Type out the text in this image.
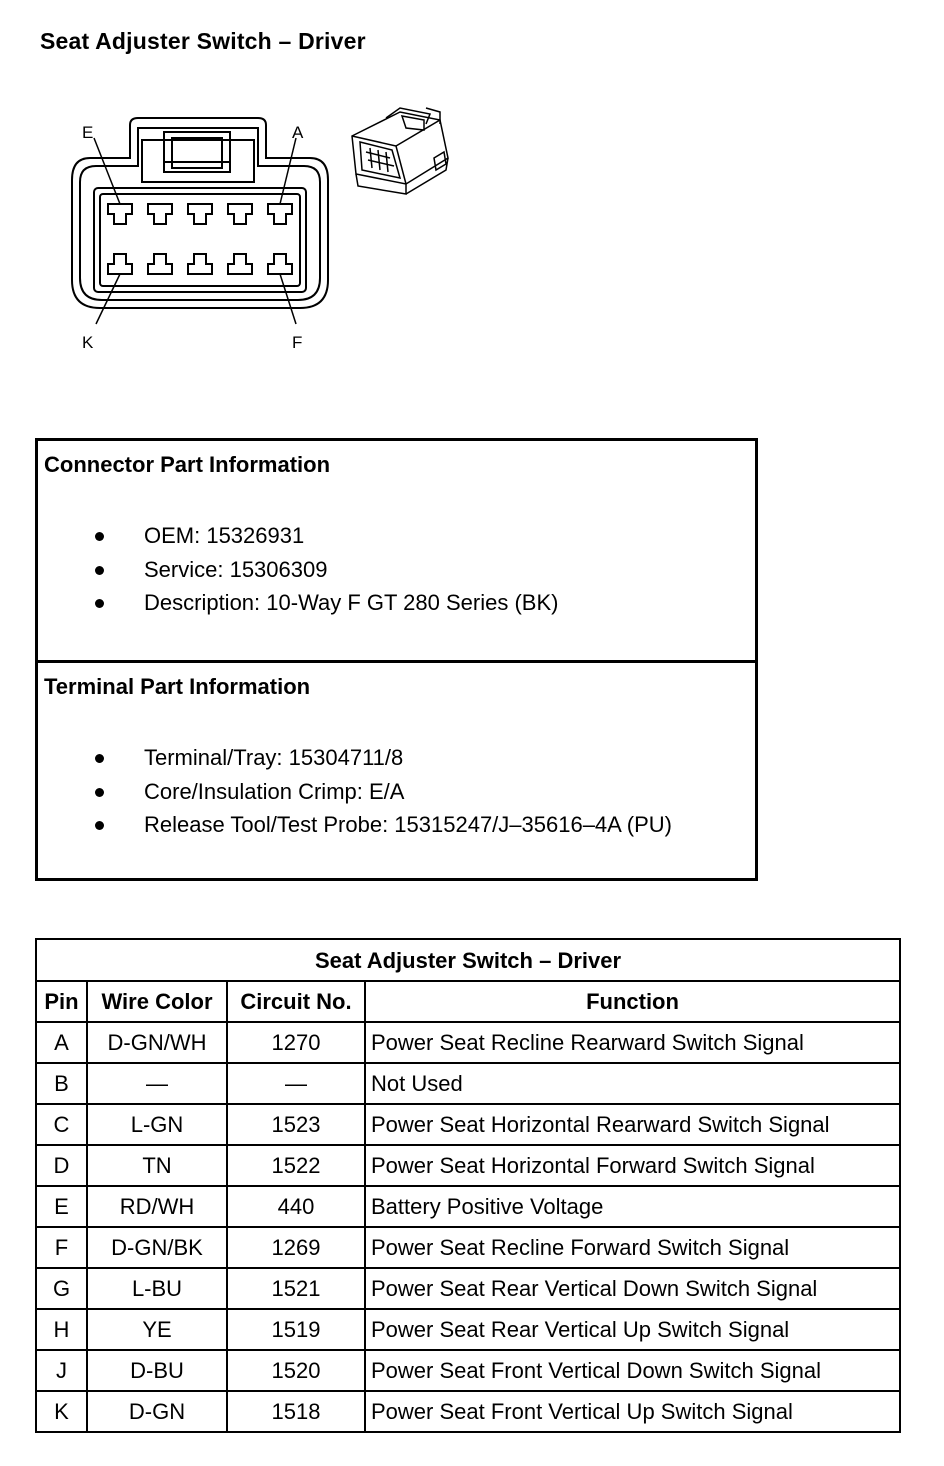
Seat Adjuster Switch – Driver
E	A
K	F
Connector Part Information
OEM: 15326931
Service: 15306309
Description: 10-Way F GT 280 Series (BK)
Terminal Part Information
Terminal/Tray: 15304711/8
Core/Insulation Crimp: E/A
Release Tool/Test Probe: 15315247/J–35616–4A (PU)
Seat Adjuster Switch – Driver			
Pin	Wire Color	Circuit No.	Function
A	D-GN/WH	1270	Power Seat Recline Rearward Switch Signal
B	—	—	Not Used
C	L-GN	1523	Power Seat Horizontal Rearward Switch Signal
D	TN	1522	Power Seat Horizontal Forward Switch Signal
E	RD/WH	440	Battery Positive Voltage
F	D-GN/BK	1269	Power Seat Recline Forward Switch Signal
G	L-BU	1521	Power Seat Rear Vertical Down Switch Signal
H	YE	1519	Power Seat Rear Vertical Up Switch Signal
J	D-BU	1520	Power Seat Front Vertical Down Switch Signal
K	D-GN	1518	Power Seat Front Vertical Up Switch Signal
